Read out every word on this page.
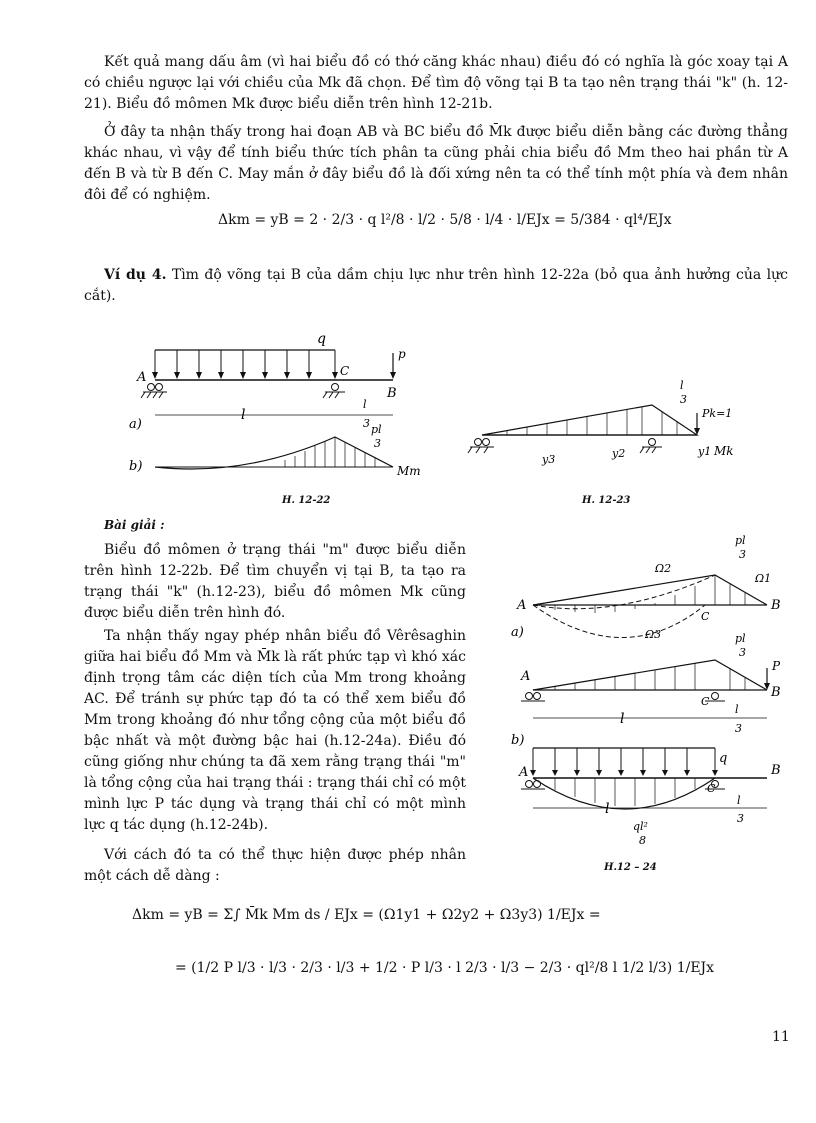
Kết quả mang dấu âm (vì hai biểu đồ có thớ căng khác nhau) điều đó có nghĩa là góc xoay tại A có chiều ngược lại với chiều của Mk đã chọn. Để tìm độ võng tại B ta tạo nên trạng thái "k" (h. 12-21). Biểu đồ mômen Mk được biểu diễn trên hình 12-21b.

Ở đây ta nhận thấy trong hai đoạn AB và BC biểu đồ M̄k được biểu diễn bằng các đường thẳng khác nhau, vì vậy để tính biểu thức tích phân ta cũng phải chia biểu đồ Mm theo hai phần từ A đến B và từ B đến C. May mắn ở đây biểu đồ là đối xứng nên ta có thể tính một phía và đem nhân đôi để có nghiệm.

Δkm = yB = 2 · 2/3 · q l²/8 · l/2 · 5/8 · l/4 · l/EJx = 5/384 · ql⁴/EJx

Ví dụ 4. Tìm độ võng tại B của dầm chịu lực như trên hình 12-22a (bỏ qua ảnh hưởng của lực cắt).

q
p
A	C
B
a)
l
l
3
b)
pl
3
Mm
H. 12-22
l
3
Pk=1
Mk
y3	y2	y1
H. 12-23

Bài giải :

Biểu đồ mômen ở trạng thái "m" được biểu diễn trên hình 12-22b. Để tìm chuyển vị tại B, ta tạo ra trạng thái "k" (h.12-23), biểu đồ mômen Mk cũng được biểu diễn trên hình đó.

Ta nhận thấy ngay phép nhân biểu đồ Vêrêsaghin giữa hai biểu đồ Mm và M̄k là rất phức tạp vì khó xác định trọng tâm các diện tích của Mm trong khoảng AC. Để tránh sự phức tạp đó ta có thể xem biểu đồ Mm trong khoảng đó như tổng cộng của một biểu đồ bậc nhất và một đường bậc hai (h.12-24a). Điều đó cũng giống như chúng ta đã xem rằng trạng thái "m" là tổng cộng của hai trạng thái : trạng thái chỉ có một mình lực P tác dụng và trạng thái chỉ có một mình lực q tác dụng (h.12-24b).

Với cách đó ta có thể thực hiện được phép nhân một cách dễ dàng :

pl
3
Ω2
Ω1
Ω3
A	B
C
a)
P
pl
3
A
B
C
l
l
3
b)
q
A	B
C
l
l
3
ql²
8
H.12 – 24
Δkm = yB = Σ∫ M̄k Mm ds / EJx = (Ω1y1 + Ω2y2 + Ω3y3) 1/EJx =
= (1/2 P l/3 · l/3 · 2/3 · l/3 + 1/2 · P l/3 · l 2/3 · l/3 − 2/3 · ql²/8 l 1/2 l/3) 1/EJx
11
